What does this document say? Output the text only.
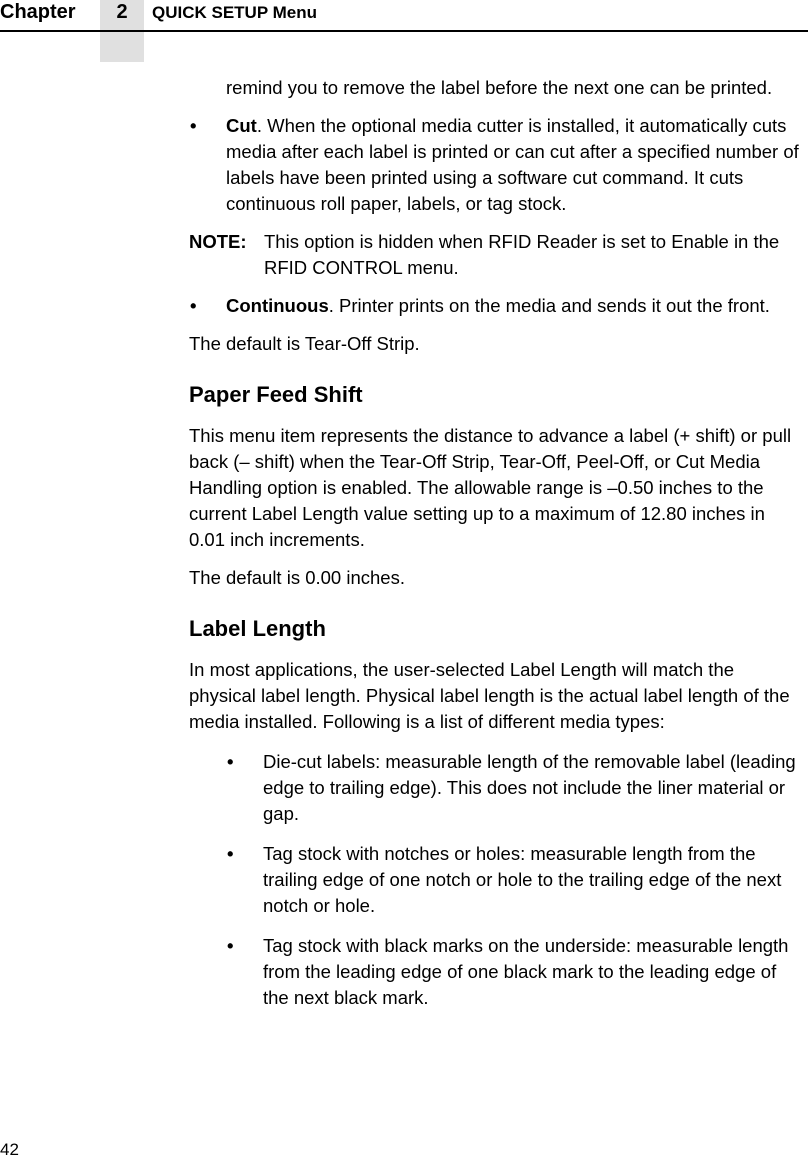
Chapter	2	QUICK SETUP Menu

remind you to remove the label before the next one can be printed.

• Cut. When the optional media cutter is installed, it automatically cuts media after each label is printed or can cut after a specified number of labels have been printed using a software cut command. It cuts continuous roll paper, labels, or tag stock.
NOTE: This option is hidden when RFID Reader is set to Enable in the RFID CONTROL menu.
• Continuous. Printer prints on the media and sends it out the front.

The default is Tear-Off Strip.

Paper Feed Shift

This menu item represents the distance to advance a label (+ shift) or pull back (– shift) when the Tear-Off Strip, Tear-Off, Peel-Off, or Cut Media Handling option is enabled. The allowable range is –0.50 inches to the current Label Length value setting up to a maximum of 12.80 inches in 0.01 inch increments.

The default is 0.00 inches.

Label Length

In most applications, the user-selected Label Length will match the physical label length. Physical label length is the actual label length of the media installed. Following is a list of different media types:

• Die-cut labels: measurable length of the removable label (leading edge to trailing edge). This does not include the liner material or gap.
• Tag stock with notches or holes: measurable length from the trailing edge of one notch or hole to the trailing edge of the next notch or hole.
• Tag stock with black marks on the underside: measurable length from the leading edge of one black mark to the leading edge of the next black mark.
42
